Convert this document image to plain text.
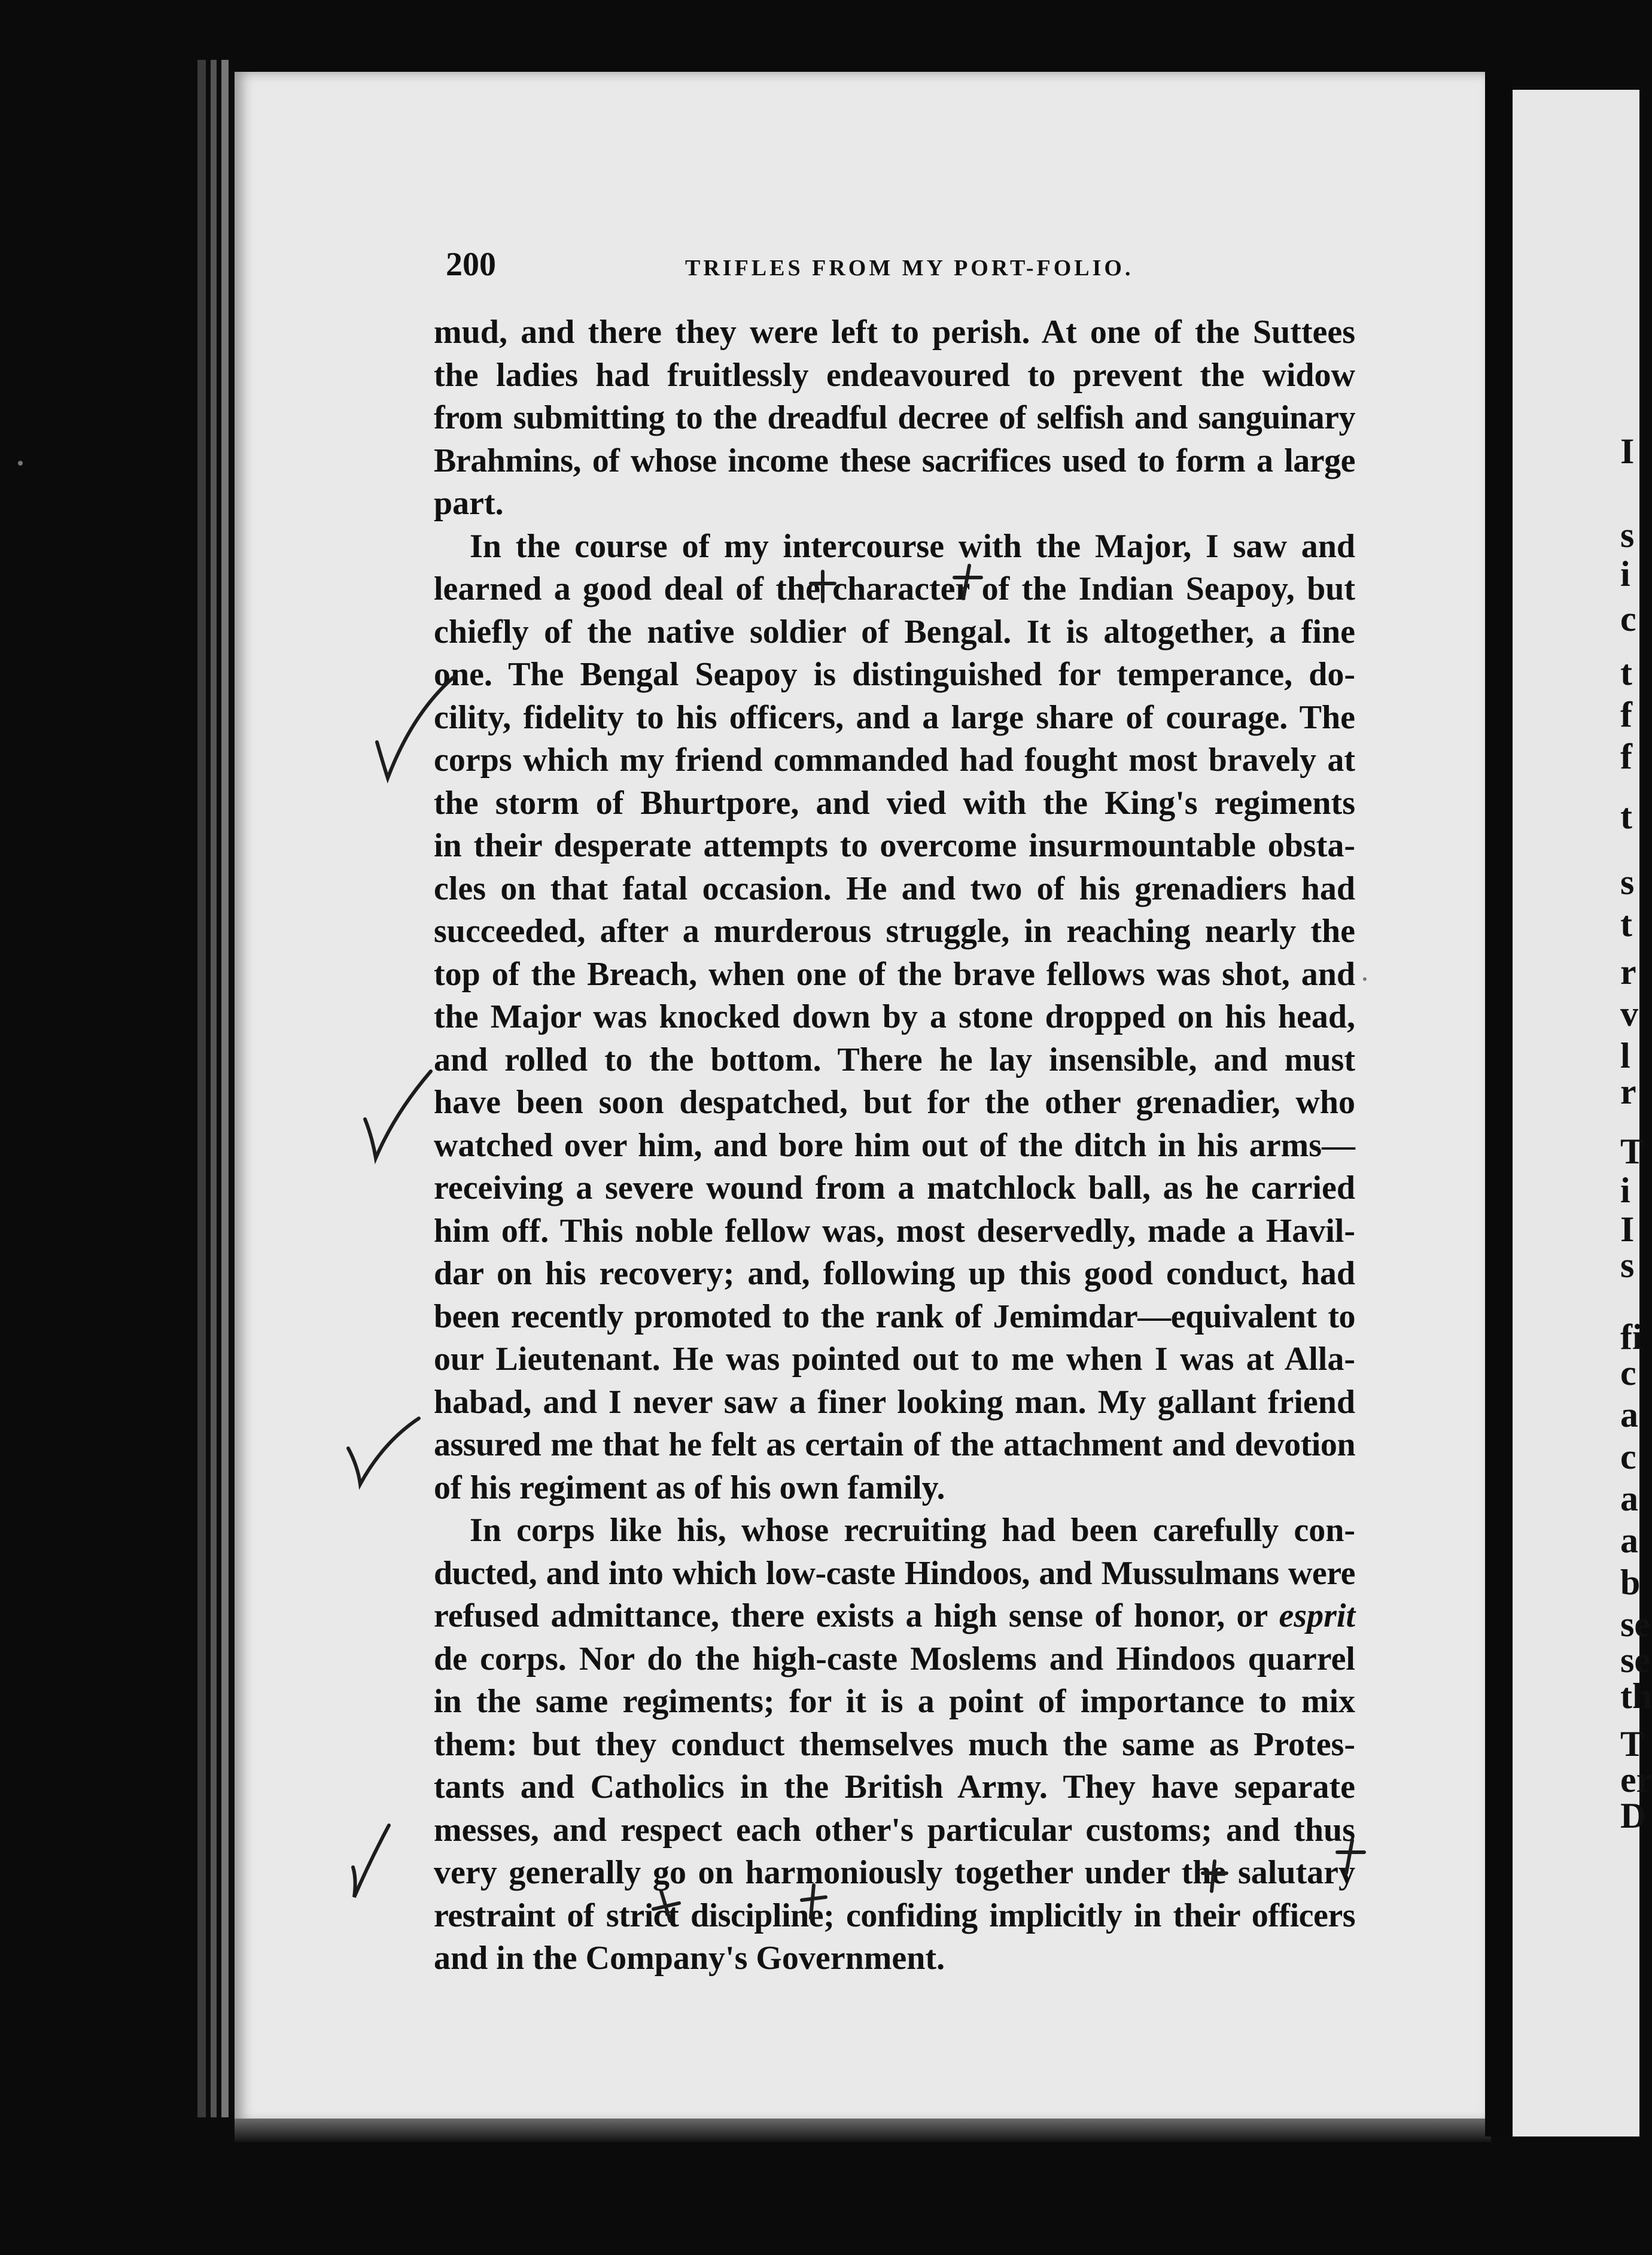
I
s
i
c
t
f
f
t
s
t
r
v
l
r
T
i
I
s
fi
c
a
c
a
a
b
se
se
th
T
er
D
200	TRIFLES FROM MY PORT-FOLIO.
mud, and there they were left to perish. At one of the Suttees
the ladies had fruitlessly endeavoured to prevent the widow
from submitting to the dreadful decree of selfish and sanguinary
Brahmins, of whose income these sacrifices used to form a large
part.
In the course of my intercourse with the Major, I saw and
learned a good deal of the character of the Indian Seapoy, but
chiefly of the native soldier of Bengal. It is altogether, a fine
one. The Bengal Seapoy is distinguished for temperance, do-
cility, fidelity to his officers, and a large share of courage. The
corps which my friend commanded had fought most bravely at
the storm of Bhurtpore, and vied with the King's regiments
in their desperate attempts to overcome insurmountable obsta-
cles on that fatal occasion. He and two of his grenadiers had
succeeded, after a murderous struggle, in reaching nearly the
top of the Breach, when one of the brave fellows was shot, and
the Major was knocked down by a stone dropped on his head,
and rolled to the bottom. There he lay insensible, and must
have been soon despatched, but for the other grenadier, who
watched over him, and bore him out of the ditch in his arms—
receiving a severe wound from a matchlock ball, as he carried
him off. This noble fellow was, most deservedly, made a Havil-
dar on his recovery; and, following up this good conduct, had
been recently promoted to the rank of Jemimdar—equivalent to
our Lieutenant. He was pointed out to me when I was at Alla-
habad, and I never saw a finer looking man. My gallant friend
assured me that he felt as certain of the attachment and devotion
of his regiment as of his own family.
In corps like his, whose recruiting had been carefully con-
ducted, and into which low-caste Hindoos, and Mussulmans were
refused admittance, there exists a high sense of honor, or esprit
de corps. Nor do the high-caste Moslems and Hindoos quarrel
in the same regiments; for it is a point of importance to mix
them: but they conduct themselves much the same as Protes-
tants and Catholics in the British Army. They have separate
messes, and respect each other's particular customs; and thus
very generally go on harmoniously together under the salutary
restraint of strict discipline; confiding implicitly in their officers
and in the Company's Government.
